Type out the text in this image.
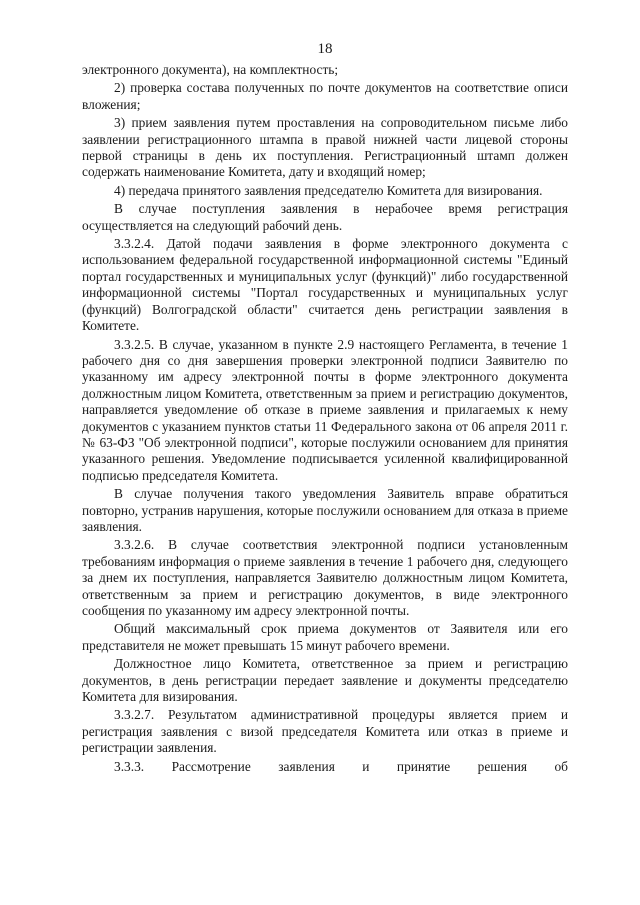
18

электронного документа), на комплектность;

2) проверка состава полученных по почте документов на соответствие описи вложения;

3) прием заявления путем проставления на сопроводительном письме либо заявлении регистрационного штампа в правой нижней части лицевой стороны первой страницы в день их поступления. Регистрационный штамп должен содержать наименование Комитета, дату и входящий номер;

4) передача принятого заявления председателю Комитета для визирования.

В случае поступления заявления в нерабочее время регистрация осуществляется на следующий рабочий день.

3.3.2.4. Датой подачи заявления в форме электронного документа с использованием федеральной государственной информационной системы "Единый портал государственных и муниципальных услуг (функций)" либо государственной информационной системы "Портал государственных и муниципальных услуг (функций) Волгоградской области" считается день регистрации заявления в Комитете.

3.3.2.5. В случае, указанном в пункте 2.9 настоящего Регламента, в течение 1 рабочего дня со дня завершения проверки электронной подписи Заявителю по указанному им адресу электронной почты в форме электронного документа должностным лицом Комитета, ответственным за прием и регистрацию документов, направляется уведомление об отказе в приеме заявления и прилагаемых к нему документов с указанием пунктов статьи 11 Федерального закона от 06 апреля 2011 г. № 63-ФЗ "Об электронной подписи", которые послужили основанием для принятия указанного решения. Уведомление подписывается усиленной квалифицированной подписью председателя Комитета.

В случае получения такого уведомления Заявитель вправе обратиться повторно, устранив нарушения, которые послужили основанием для отказа в приеме заявления.

3.3.2.6. В случае соответствия электронной подписи установленным требованиям информация о приеме заявления в течение 1 рабочего дня, следующего за днем их поступления, направляется Заявителю должностным лицом Комитета, ответственным за прием и регистрацию документов, в виде электронного сообщения по указанному им адресу электронной почты.

Общий максимальный срок приема документов от Заявителя или его представителя не может превышать 15 минут рабочего времени.

Должностное лицо Комитета, ответственное за прием и регистрацию документов, в день регистрации передает заявление и документы председателю Комитета для визирования.

3.3.2.7. Результатом административной процедуры является прием и регистрация заявления с визой председателя Комитета или отказ в приеме и регистрации заявления.

3.3.3. Рассмотрение заявления и принятие решения об
